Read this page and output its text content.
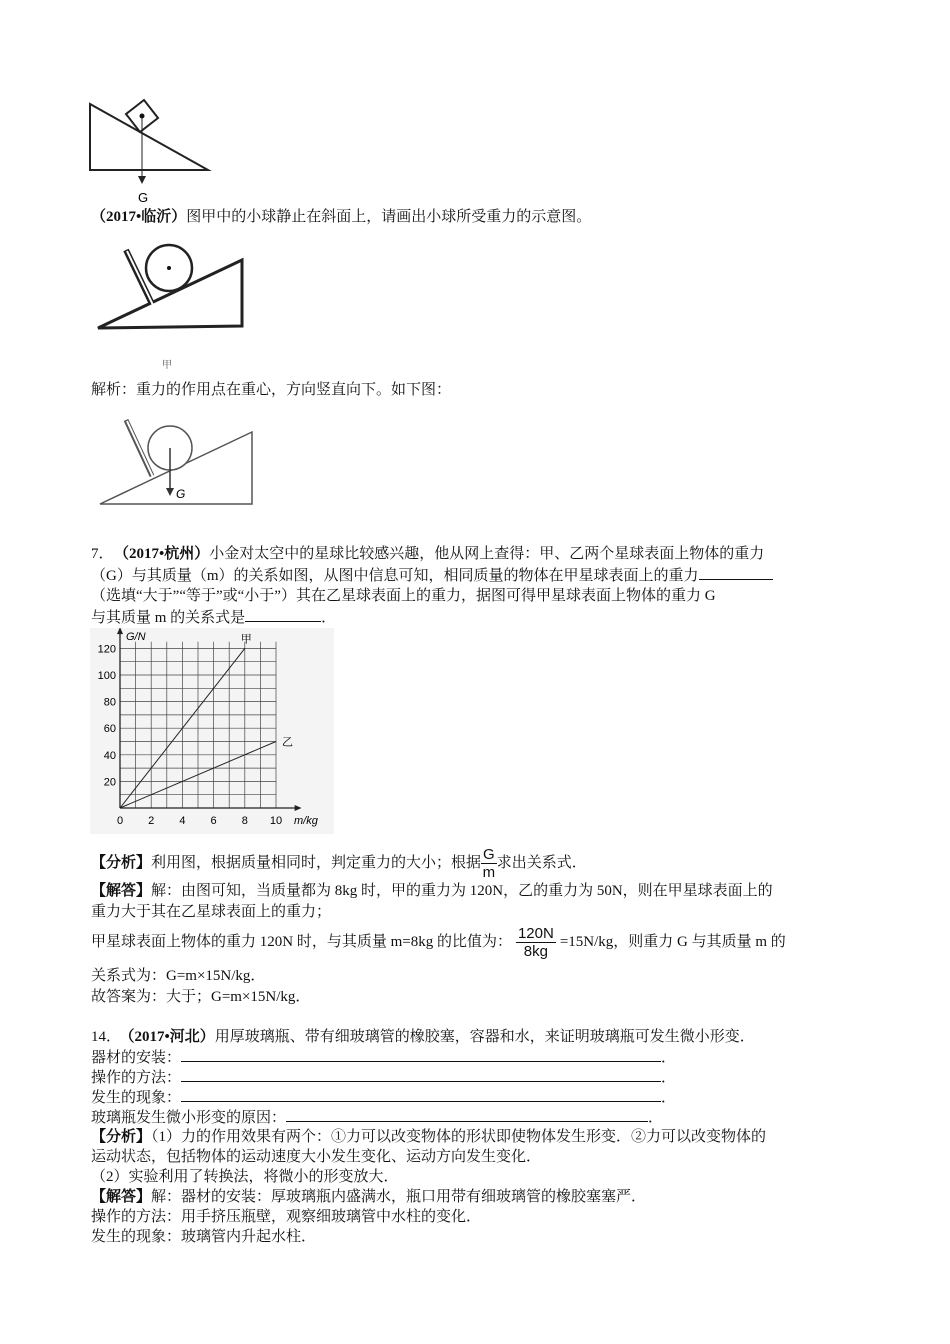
G
（2017•临沂）图甲中的小球静止在斜面上，请画出小球所受重力的示意图。
甲
解析：重力的作用点在重心，方向竖直向下。如下图：
G
7． （2017•杭州）小金对太空中的星球比较感兴趣，他从网上查得：甲、乙两个星球表面上物体的重力
（G）与其质量（m）的关系如图，从图中信息可知，相同质量的物体在甲星球表面上的重力
（选填“大于”“等于”或“小于”）其在乙星球表面上的重力，据图可得甲星球表面上物体的重力 G
与其质量 m 的关系式是	．
0 2 4 6 8 10
20
40
60
80
100
120
G/N
m/kg
甲
乙
【分析】利用图，根据质量相同时，判定重力的大小；根据 $\frac{G}{m}$ 求出关系式．
【解答】解：由图可知，当质量都为 8kg 时，甲的重力为 120N，乙的重力为 50N，则在甲星球表面上的
重力大于其在乙星球表面上的重力；
甲星球表面上物体的重力 120N 时，与其质量 m=8kg 的比值为： $\frac{120N}{8kg} =15N/kg$，则重力 G 与其质量 m 的
关系式为：G=m×15N/kg．
故答案为：大于；G=m×15N/kg．
14． （2017•河北）用厚玻璃瓶、带有细玻璃管的橡胶塞，容器和水，来证明玻璃瓶可发生微小形变．
器材的安装：	．
操作的方法：	．
发生的现象：	．
玻璃瓶发生微小形变的原因：	．
【分析】（1）力的作用效果有两个：①力可以改变物体的形状即使物体发生形变．②力可以改变物体的
运动状态，包括物体的运动速度大小发生变化、运动方向发生变化．
（2）实验利用了转换法，将微小的形变放大．
【解答】解：器材的安装：厚玻璃瓶内盛满水，瓶口用带有细玻璃管的橡胶塞塞严．
操作的方法：用手挤压瓶壁，观察细玻璃管中水柱的变化．
发生的现象：玻璃管内升起水柱．
